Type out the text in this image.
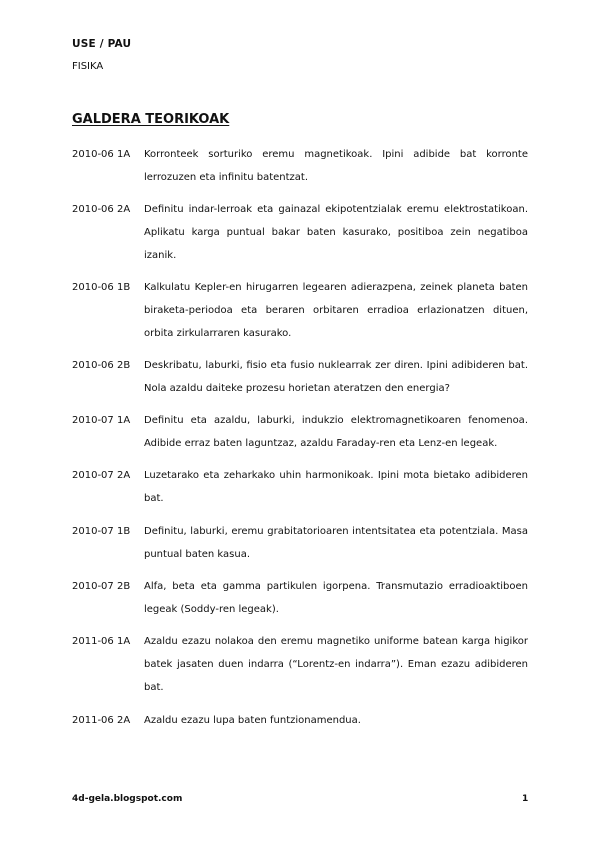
USE / PAU
FISIKA
GALDERA TEORIKOAK
2010-06 1A	Korronteek sorturiko eremu magnetikoak. Ipini adibide bat korronte lerrozuzen eta infinitu batentzat.
2010-06 2A	Definitu indar-lerroak eta gainazal ekipotentzialak eremu elektrostatikoan. Aplikatu karga puntual bakar baten kasurako, positiboa zein negatiboa izanik.
2010-06 1B	Kalkulatu Kepler-en hirugarren legearen adierazpena, zeinek planeta baten biraketa-periodoa eta beraren orbitaren erradioa erlazionatzen dituen, orbita zirkularraren kasurako.
2010-06 2B	Deskribatu, laburki, fisio eta fusio nuklearrak zer diren. Ipini adibideren bat. Nola azaldu daiteke prozesu horietan ateratzen den energia?
2010-07 1A	Definitu eta azaldu, laburki, indukzio elektromagnetikoaren fenomenoa. Adibide erraz baten laguntzaz, azaldu Faraday-ren eta Lenz-en legeak.
2010-07 2A	Luzetarako eta zeharkako uhin harmonikoak. Ipini mota bietako adibideren bat.
2010-07 1B	Definitu, laburki, eremu grabitatorioaren intentsitatea eta potentziala. Masa puntual baten kasua.
2010-07 2B	Alfa, beta eta gamma partikulen igorpena. Transmutazio erradioaktiboen legeak (Soddy-ren legeak).
2011-06 1A	Azaldu ezazu nolakoa den eremu magnetiko uniforme batean karga higikor batek jasaten duen indarra (“Lorentz-en indarra”). Eman ezazu adibideren bat.
2011-06 2A	Azaldu ezazu lupa baten funtzionamendua.
4d-gela.blogspot.com	1
